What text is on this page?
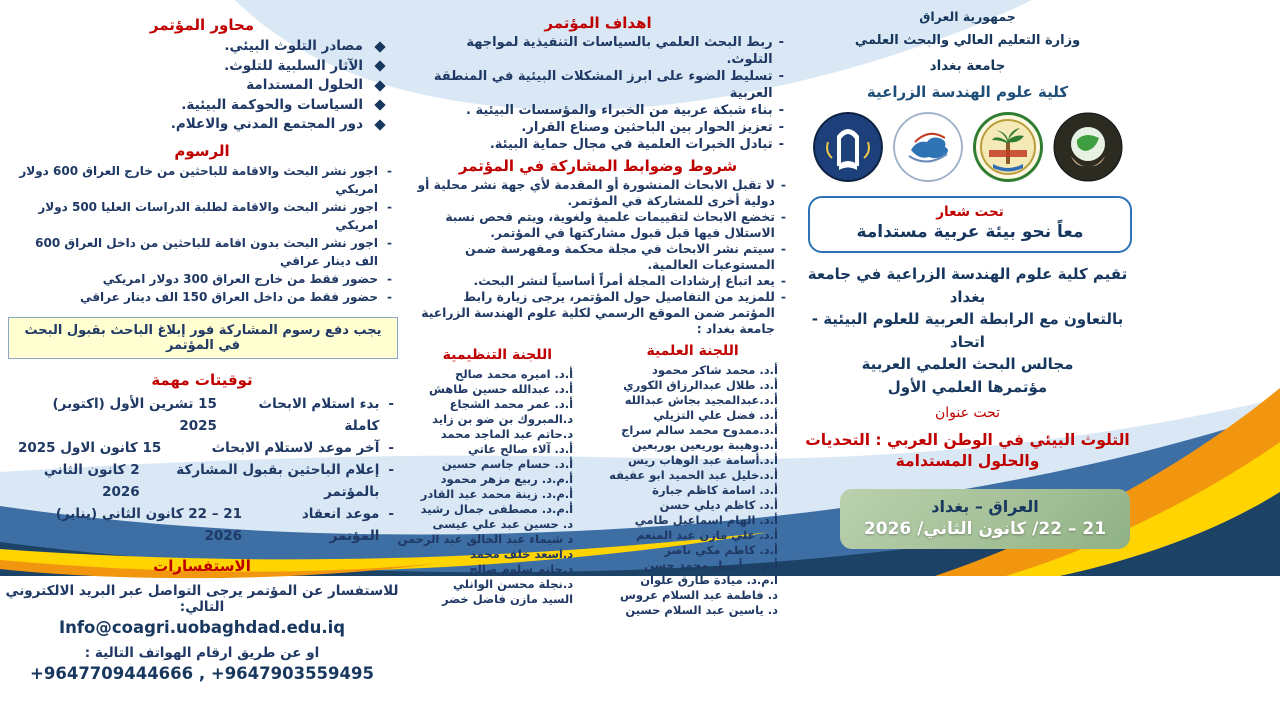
محاور المؤتمر
مصادر التلوث البيئي.
الآثار السلبية للتلوث.
الحلول المستدامة
السياسات والحوكمة البيئية.
دور المجتمع المدني والاعلام.
الرسوم
-
اجور نشر البحث والاقامة للباحثين من خارج العراق 600 دولار امريكي
-
اجور نشر البحث والاقامة لطلبة الدراسات العليا 500 دولار امريكي
-
اجور نشر البحث بدون اقامة للباحثين من داخل العراق 600 الف دينار عراقي
-
حضور فقط من خارج العراق 300 دولار امريكي
-
حضور فقط من داخل العراق 150 الف دينار عراقي
يجب دفع رسوم المشاركة فور إبلاغ الباحث بقبول البحث في المؤتمر
توقيتات مهمة
-
بدء استلام الابحاث كاملة
15 تشرين الأول (اكتوبر) 2025
-
آخر موعد لاستلام الابحاث
15 كانون الاول 2025
-
إعلام الباحثين بقبول المشاركة بالمؤتمر
2 كانون الثاني 2026
-
موعد انعقاد المؤتمر
21 – 22 كانون الثاني (يناير) 2026
الاستفسارات
للاستفسار عن المؤتمر يرجى التواصل عبر البريد الالكتروني التالي:
Info@coagri.uobaghdad.edu.iq
او عن طريق ارقام الهواتف التالية :
+9647709444666 , +9647903559495
اهداف المؤتمر
-
ربط البحث العلمي بالسياسات التنفيذية لمواجهة التلوث.
-
تسليط الضوء على ابرز المشكلات البيئية في المنطقة العربية
-
بناء شبكة عربية من الخبراء والمؤسسات البيئية .
-
تعزيز الحوار بين الباحثين وصناع القرار.
-
تبادل الخبرات العلمية في مجال حماية البيئة.
شروط وضوابط المشاركة في المؤتمر
-
لا تقبل الابحاث المنشورة أو المقدمة لأي جهة نشر محلية أو دولية أخرى للمشاركة في المؤتمر.
-
تخضع الابحاث لتقييمات علمية ولغوية، ويتم فحص نسبة الاستلال فيها قبل قبول مشاركتها في المؤتمر.
-
سيتم نشر الابحاث في مجلة محكمة ومفهرسة ضمن المستوعبات العالمية.
-
يعد اتباع إرشادات المجلة أمراً أساسياً لنشر البحث.
-
للمزيد من التفاصيل حول المؤتمر، يرجى زيارة رابط المؤتمر ضمن الموقع الرسمي لكلية علوم الهندسة الزراعية جامعة بغداد :
اللجنة العلمية
أ.د. محمد شاكر محمود
أ.د. طلال عبدالرزاق الكوري
أ.د.عبدالمجيد بجاش عبدالله
أ.د. فضل علي التزيلي
أ.د.ممدوح محمد سالم سراج
أ.د.وهيبة بوريعين بوربعين
أ.د.أسامة عبد الوهاب ريس
أ.د.خليل عبد الحميد ابو عفيفه
أ.د. اسامة كاظم جبارة
أ.د. كاظم ديلي حسن
أ.د. الهام اسماعيل طامي
أ.د. علي مازن عبد المنعم
أ.د. كاظم مكي ناصر
أ.م.د. أسيل محمد حسن
أ.م.د. ميادة طارق علوان
د. فاطمة عبد السلام عروس
د. ياسين عبد السلام حسين
اللجنة التنظيمية
أ.د. اميره محمد صالح
أ.د. عبدالله حسين طاهش
أ.د. عمر محمد الشجاع
د.المبروك بن ضو بن زايد
د.حاتم عبد الماجد محمد
أ.د. آلاء صالح عاتي
أ.د. حسام جاسم حسين
أ.م.د. ربيع مزهر محمود
أ.م.د. زينة محمد عبد القادر
أ.م.د. مصطفى جمال رشيد
د. حسين عبد علي عيسى
د شيماء عبد الخالق عبد الرحمن
د.اسعد خلف محمد
د.حاتم سلوم صالح
د.نجلة محسن الوانلي
السيد مازن فاضل خضر
جمهورية العراق
وزارة التعليم العالي والبحث العلمي
جامعة بغداد
كلية علوم الهندسة الزراعية
تحت شعار
معاً نحو بيئة عربية مستدامة
تقيم كلية علوم الهندسة الزراعية في جامعة بغداد
بالتعاون مع الرابطة العربية للعلوم البيئية - اتحاد
مجالس البحث العلمي العربية
مؤتمرها العلمي الأول
تحت عنوان
التلوث البيئي في الوطن العربي : التحديات
والحلول المستدامة
العراق – بغداد
21 – 22/ كانون الثاني/ 2026
